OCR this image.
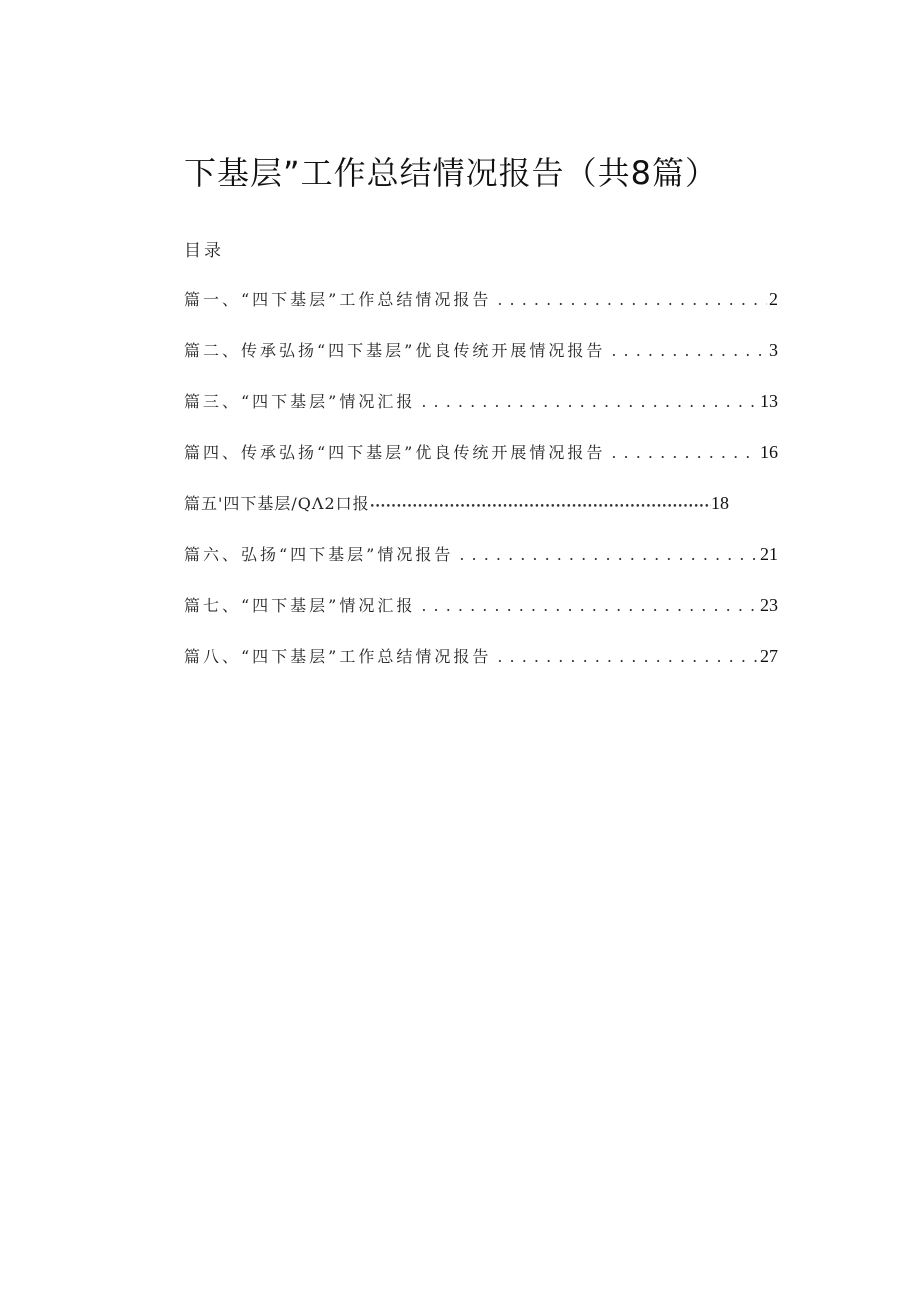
下基层”工作总结情况报告（共8篇）
目录
篇一、“四下基层”工作总结情况报告 . . .	2
篇二、传承弘扬“四下基层”优良传统开展情况报告 . . .	3
篇三、“四下基层”情况汇报 . . .	13
篇四、传承弘扬“四下基层”优良传统开展情况报告 . . .	16
篇五'四下基层/QΛ2口报 •••••	18
篇六、弘扬“四下基层”情况报告 . . .	21
篇七、“四下基层”情况汇报 . . .	23
篇八、“四下基层”工作总结情况报告 . . .	27
